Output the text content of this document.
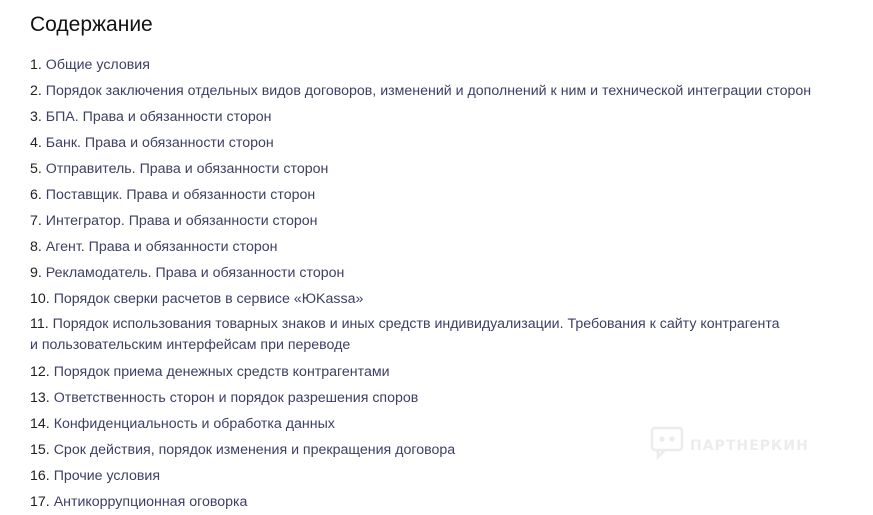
Содержание
1. Общие условия
2. Порядок заключения отдельных видов договоров, изменений и дополнений к ним и технической интеграции сторон
3. БПА. Права и обязанности сторон
4. Банк. Права и обязанности сторон
5. Отправитель. Права и обязанности сторон
6. Поставщик. Права и обязанности сторон
7. Интегратор. Права и обязанности сторон
8. Агент. Права и обязанности сторон
9. Рекламодатель. Права и обязанности сторон
10. Порядок сверки расчетов в сервисе «ЮKassa»
11. Порядок использования товарных знаков и иных средств индивидуализации. Требования к сайту контрагента
и пользовательским интерфейсам при переводе
12. Порядок приема денежных средств контрагентами
13. Ответственность сторон и порядок разрешения споров
14. Конфиденциальность и обработка данных
15. Срок действия, порядок изменения и прекращения договора
16. Прочие условия
17. Антикоррупционная оговорка
ПАРТНЕРКИН
